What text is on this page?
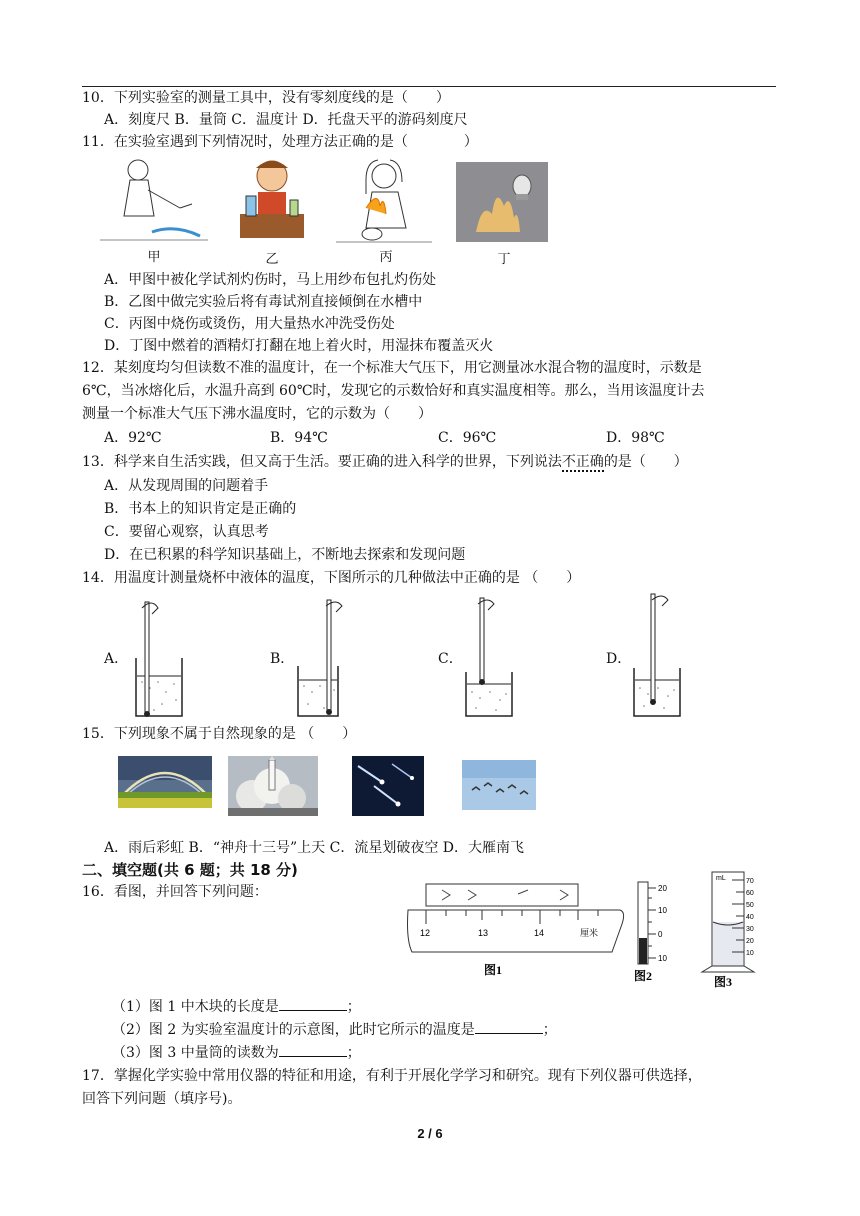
10．下列实验室的测量工具中，没有零刻度线的是（　　）
A．刻度尺 B．量筒 C．温度计 D．托盘天平的游码刻度尺
11．在实验室遇到下列情况时，处理方法正确的是（　　　　）
甲	乙	丙	丁
A．甲图中被化学试剂灼伤时，马上用纱布包扎灼伤处
B．乙图中做完实验后将有毒试剂直接倾倒在水槽中
C．丙图中烧伤或烫伤，用大量热水冲洗受伤处
D．丁图中燃着的酒精灯打翻在地上着火时，用湿抹布覆盖灭火
12．某刻度均匀但读数不准的温度计，在一个标准大气压下，用它测量冰水混合物的温度时，示数是
6℃，当冰熔化后，水温升高到 60℃时，发现它的示数恰好和真实温度相等。那么，当用该温度计去
测量一个标准大气压下沸水温度时，它的示数为（　　）
A．92℃	B．94℃	C．96℃	D．98℃
13．科学来自生活实践，但又高于生活。要正确的进入科学的世界，下列说法不正确的是（　　）
A．从发现周围的问题着手
B．书本上的知识肯定是正确的
C．要留心观察，认真思考
D．在已积累的科学知识基础上，不断地去探索和发现问题
14．用温度计测量烧杯中液体的温度，下图所示的几种做法中正确的是 （　　）
A．	B．	C．	D．
15．下列现象不属于自然现象的是 （　　）
A．雨后彩虹 B．“神舟十三号”上天 C．流星划破夜空 D．大雁南飞
二、填空题(共 6 题；共 18 分)
16．看图，并回答下列问题：
12	13	14	厘米
图1
20
10
0
10
图2
mL	70
60
50
40
30
20
10
图3
（1）图 1 中木块的长度是	；
（2）图 2 为实验室温度计的示意图，此时它所示的温度是	；
（3）图 3 中量筒的读数为	；
17．掌握化学实验中常用仪器的特征和用途，有利于开展化学学习和研究。现有下列仪器可供选择，
回答下列问题（填序号)。
2 / 6
